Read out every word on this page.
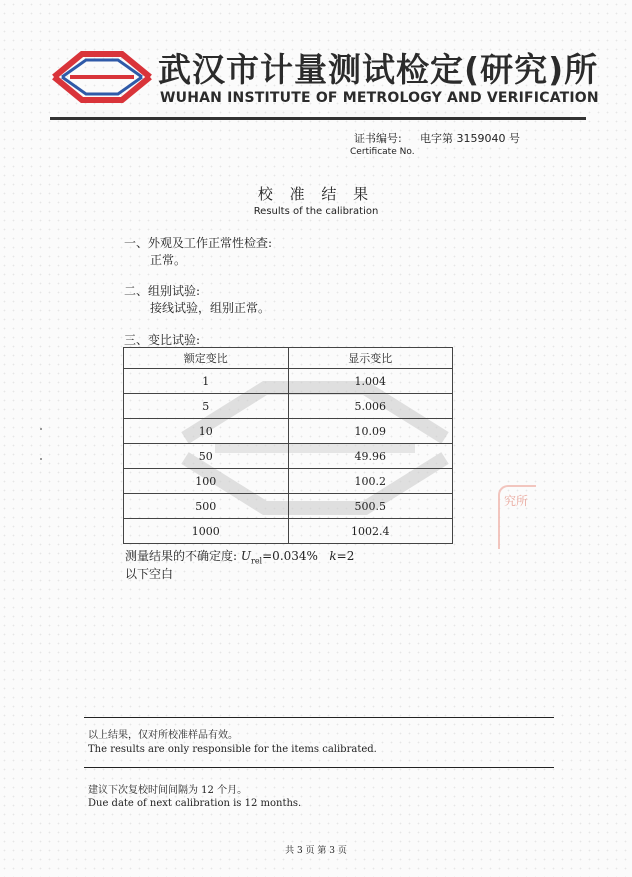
武汉市计量测试检定(研究)所
WUHAN INSTITUTE OF METROLOGY AND VERIFICATION
证书编号: 电字第 3159040 号
Certificate No.
校 准 结 果
Results of the calibration
一、外观及工作正常性检查:
正常。
二、组别试验:
接线试验，组别正常。
三、变比试验:
额定变比	显示变比
1	1.004
5	5.006
10	10.09
50	49.96
100	100.2
500	500.5
1000	1002.4
测量结果的不确定度: $U_{rel}=0.034\%$ k=2
以下空白
究所
以上结果，仅对所校准样品有效。
The results are only responsible for the items calibrated.
建议下次复校时间间隔为 12 个月。
Due date of next calibration is 12 months.
共 3 页 第 3 页
